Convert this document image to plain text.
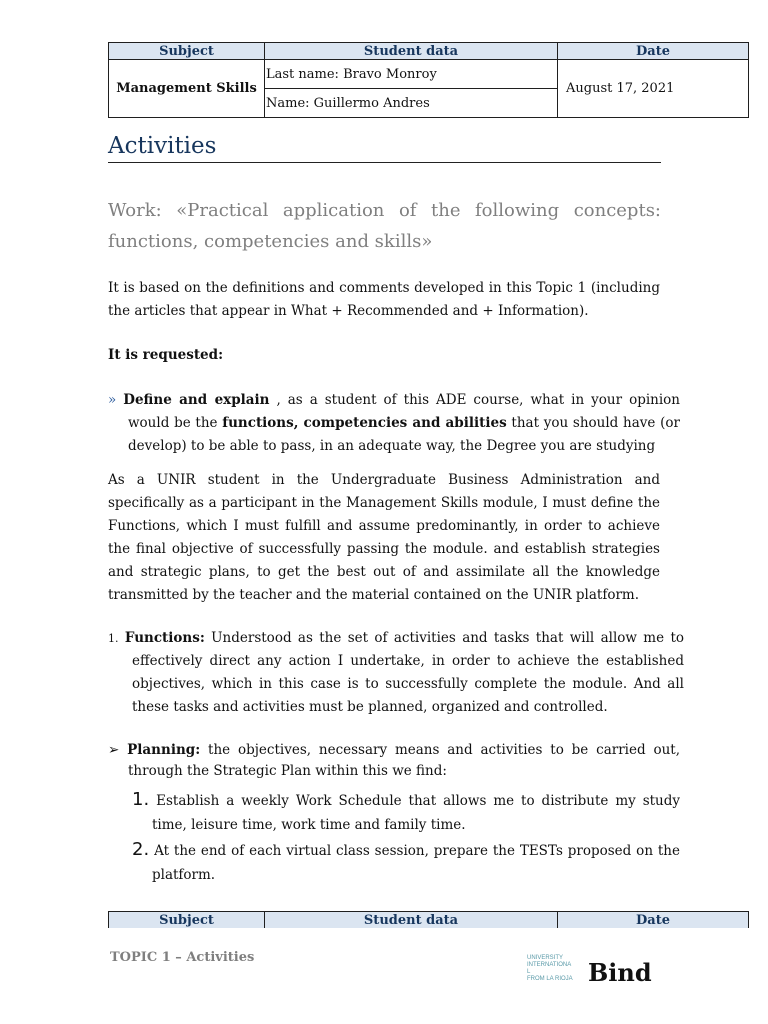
Subject	Student data	Date
Management Skills	Last name: Bravo Monroy	August 17, 2021
	Name: Guillermo Andres	
Activities

Work: «Practical application of the following concepts: functions, competencies and skills»

It is based on the definitions and comments developed in this Topic 1 (including the articles that appear in What + Recommended and + Information).

It is requested:

» Define and explain , as a student of this ADE course, what in your opinion would be the functions, competencies and abilities that you should have (or develop) to be able to pass, in an adequate way, the Degree you are studying

As a UNIR student in the Undergraduate Business Administration and specifically as a participant in the Management Skills module, I must define the Functions, which I must fulfill and assume predominantly, in order to achieve the final objective of successfully passing the module. and establish strategies and strategic plans, to get the best out of and assimilate all the knowledge transmitted by the teacher and the material contained on the UNIR platform.

1. Functions: Understood as the set of activities and tasks that will allow me to effectively direct any action I undertake, in order to achieve the established objectives, which in this case is to successfully complete the module. And all these tasks and activities must be planned, organized and controlled.

➢ Planning: the objectives, necessary means and activities to be carried out, through the Strategic Plan within this we find:

1. Establish a weekly Work Schedule that allows me to distribute my study time, leisure time, work time and family time.

2. At the end of each virtual class session, prepare the TESTs proposed on the platform.

Subject	Student data	Date
TOPIC 1 – Activities	UNIVERSITY
INTERNATIONA
L
FROM LA RIOJA Bind
